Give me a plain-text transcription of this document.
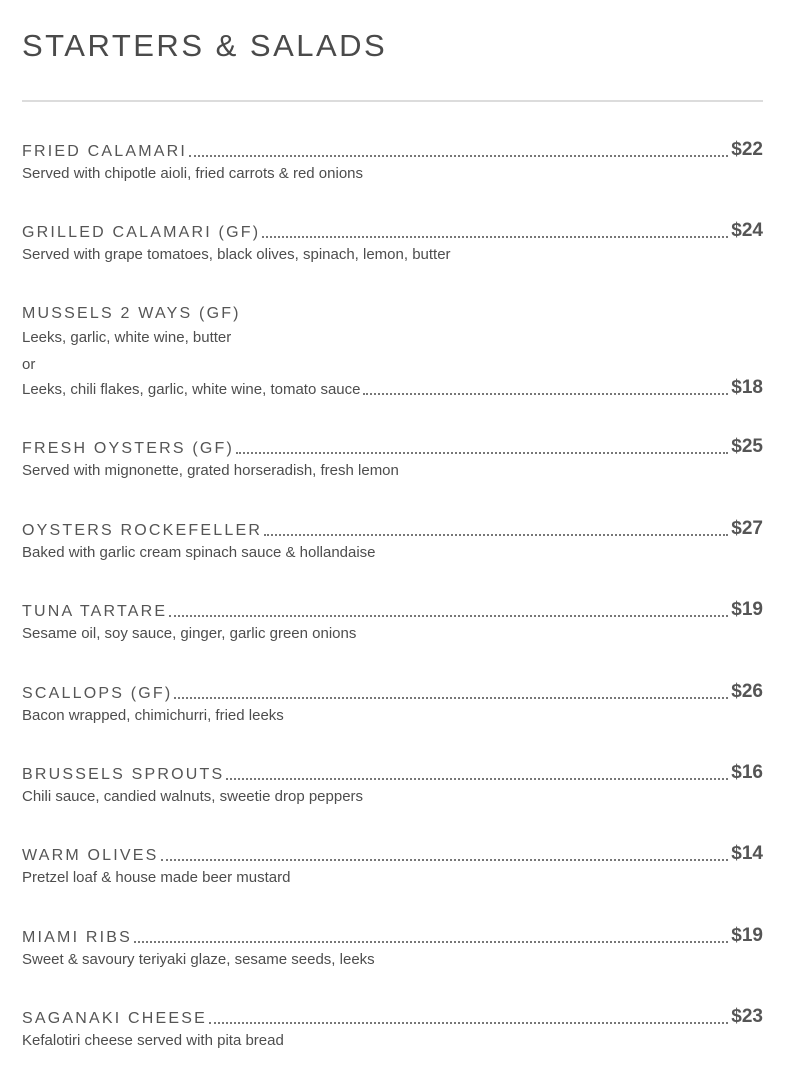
STARTERS & SALADS
FRIED CALAMARI	$22
Served with chipotle aioli, fried carrots & red onions
GRILLED CALAMARI (GF)	$24
Served with grape tomatoes, black olives, spinach, lemon, butter
MUSSELS 2 WAYS (GF)
Leeks, garlic, white wine, butter
or
Leeks, chili flakes, garlic, white wine, tomato sauce	$18
FRESH OYSTERS (GF)	$25
Served with mignonette, grated horseradish, fresh lemon
OYSTERS ROCKEFELLER	$27
Baked with garlic cream spinach sauce & hollandaise
TUNA TARTARE	$19
Sesame oil, soy sauce, ginger, garlic green onions
SCALLOPS (GF)	$26
Bacon wrapped, chimichurri, fried leeks
BRUSSELS SPROUTS	$16
Chili sauce, candied walnuts, sweetie drop peppers
WARM OLIVES	$14
Pretzel loaf & house made beer mustard
MIAMI RIBS	$19
Sweet & savoury teriyaki glaze, sesame seeds, leeks
SAGANAKI CHEESE	$23
Kefalotiri cheese served with pita bread
